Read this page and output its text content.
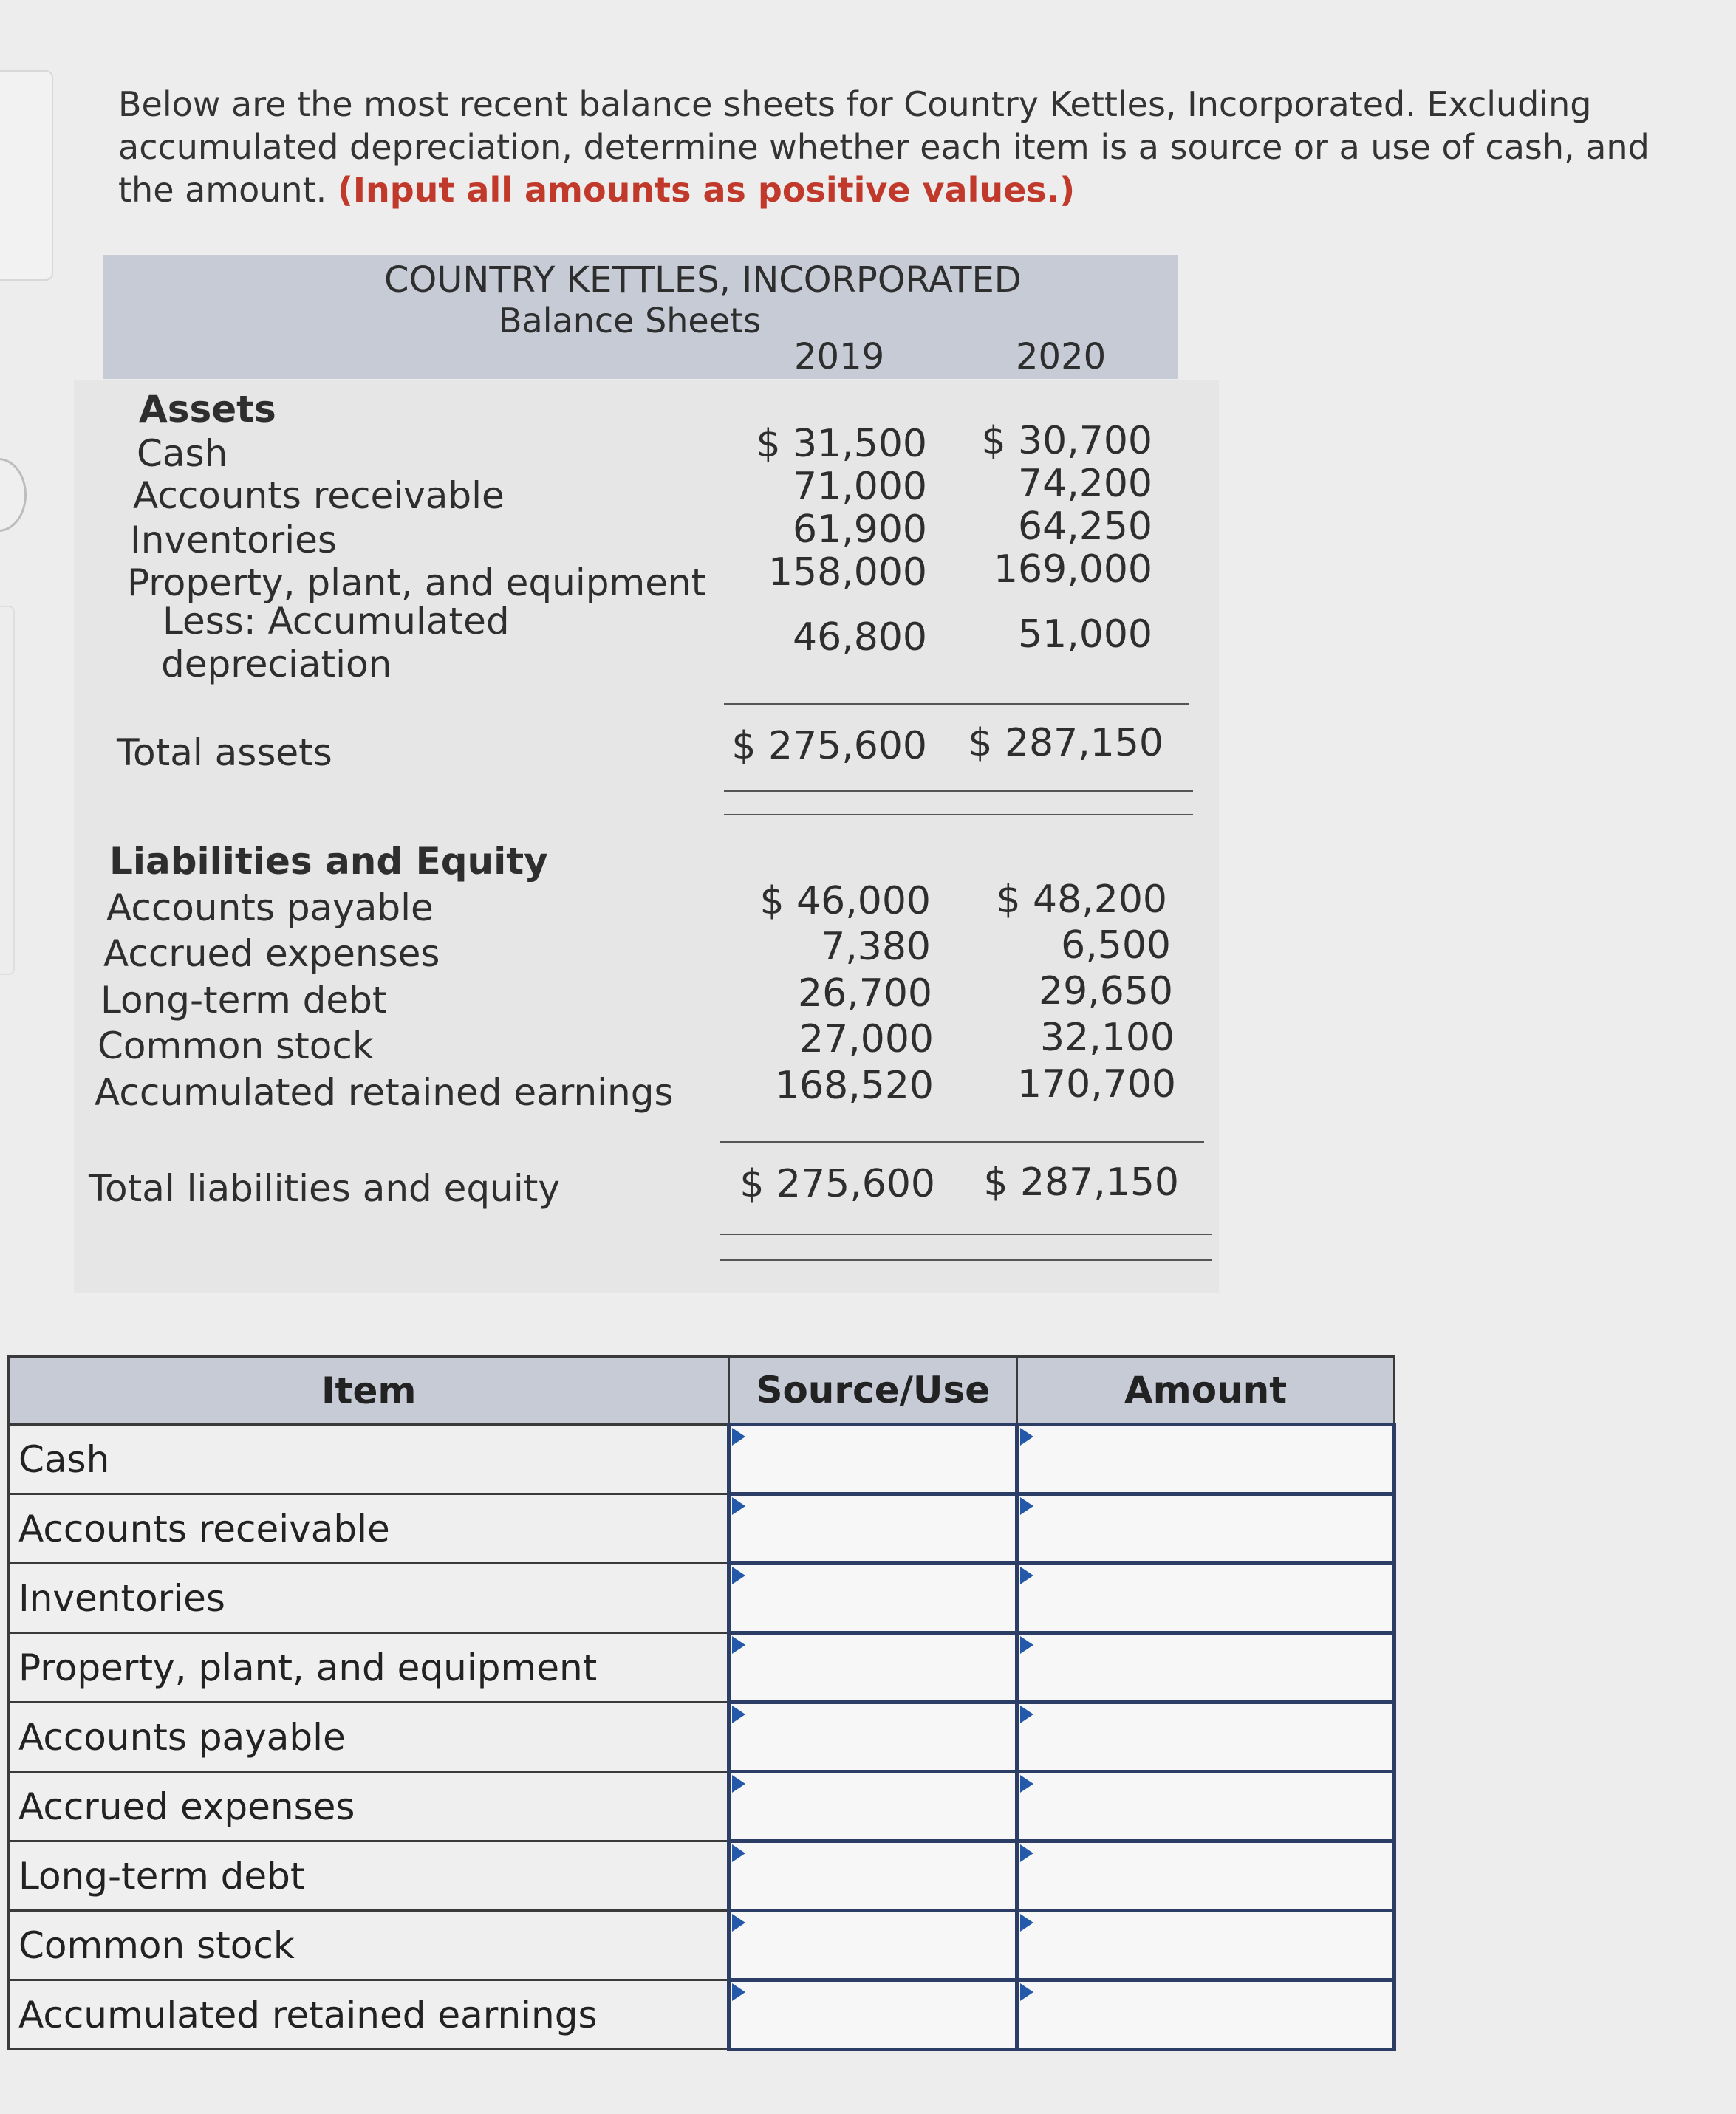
Below are the most recent balance sheets for Country Kettles, Incorporated. Excluding accumulated depreciation, determine whether each item is a source or a use of cash, and the amount. (Input all amounts as positive values.)
COUNTRY KETTLES, INCORPORATED
Balance Sheets
2019	2020
Assets
Cash	$ 31,500	$ 30,700
Accounts receivable	71,000	74,200
Inventories	61,900	64,250
Property, plant, and equipment	158,000	169,000
Less: Accumulated
depreciation
46,800	51,000
Total assets	$ 275,600	$ 287,150
Liabilities and Equity
Accounts payable	$ 46,000	$ 48,200
Accrued expenses	7,380	6,500
Long-term debt	26,700	29,650
Common stock	27,000	32,100
Accumulated retained earnings	168,520	170,700
Total liabilities and equity	$ 275,600	$ 287,150
Item	Source/Use	Amount
Cash	

Accounts receivable	

Inventories	

Property, plant, and equipment	

Accounts payable	

Accrued expenses	

Long-term debt	

Common stock	

Accumulated retained earnings	
